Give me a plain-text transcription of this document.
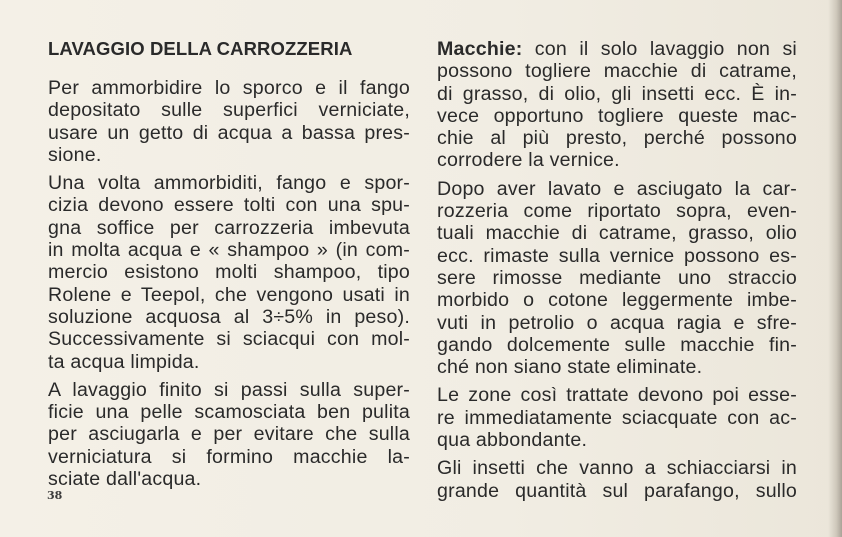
LAVAGGIO DELLA CARROZZERIA
Per ammorbidire lo sporco e il fango
depositato sulle superfici verniciate,
usare un getto di acqua a bassa pres-
sione.
Una volta ammorbiditi, fango e spor-
cizia devono essere tolti con una spu-
gna soffice per carrozzeria imbevuta
in molta acqua e « shampoo » (in com-
mercio esistono molti shampoo, tipo
Rolene e Teepol, che vengono usati in
soluzione acquosa al 3÷5% in peso).
Successivamente si sciacqui con mol-
ta acqua limpida.
A lavaggio finito si passi sulla super-
ficie una pelle scamosciata ben pulita
per asciugarla e per evitare che sulla
verniciatura si formino macchie la-
sciate dall'acqua.
Macchie: con il solo lavaggio non si
possono togliere macchie di catrame,
di grasso, di olio, gli insetti ecc. È in-
vece opportuno togliere queste mac-
chie al più presto, perché possono
corrodere la vernice.
Dopo aver lavato e asciugato la car-
rozzeria come riportato sopra, even-
tuali macchie di catrame, grasso, olio
ecc. rimaste sulla vernice possono es-
sere rimosse mediante uno straccio
morbido o cotone leggermente imbe-
vuti in petrolio o acqua ragia e sfre-
gando dolcemente sulle macchie fin-
ché non siano state eliminate.
Le zone così trattate devono poi esse-
re immediatamente sciacquate con ac-
qua abbondante.
Gli insetti che vanno a schiacciarsi in
grande quantità sul parafango, sullo
38
